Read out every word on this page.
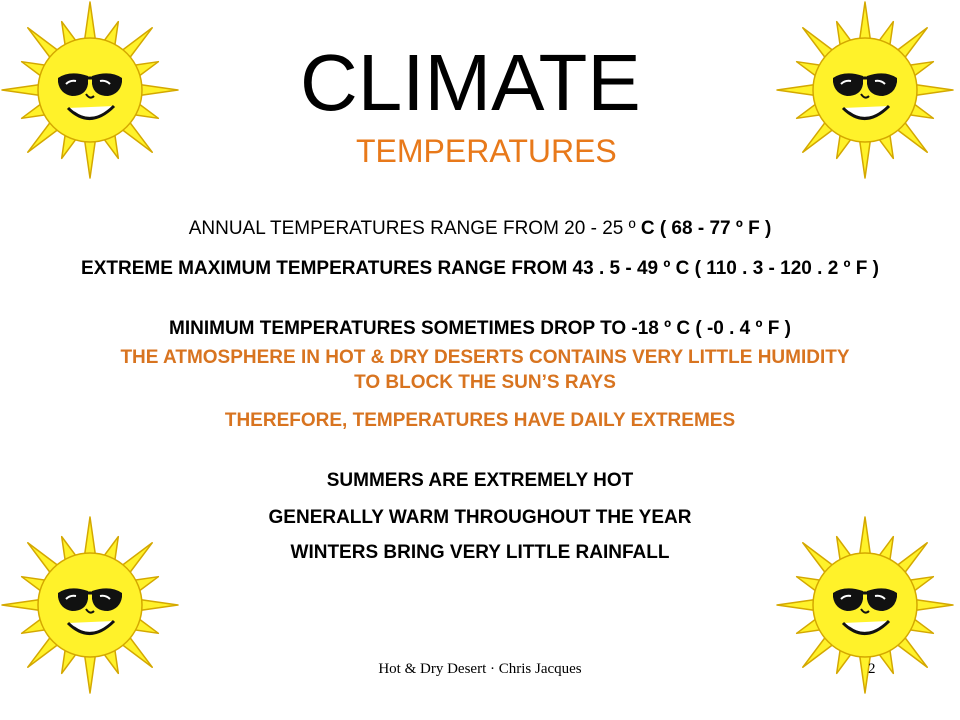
CLIMATE
TEMPERATURES

ANNUAL TEMPERATURES RANGE FROM 20 - 25 º C ( 68 - 77 º F )

EXTREME MAXIMUM TEMPERATURES RANGE FROM 43 . 5 - 49 º C ( 110 . 3 - 120 . 2 º F )

MINIMUM TEMPERATURES SOMETIMES DROP TO -18 º C ( -0 . 4 º F )

THE ATMOSPHERE IN HOT & DRY DESERTS CONTAINS VERY LITTLE HUMIDITY TO BLOCK THE SUN’S RAYS

THEREFORE, TEMPERATURES HAVE DAILY EXTREMES

SUMMERS ARE EXTREMELY HOT

GENERALLY WARM THROUGHOUT THE YEAR

WINTERS BRING VERY LITTLE RAINFALL

Hot & Dry Desert · Chris Jacques	2
